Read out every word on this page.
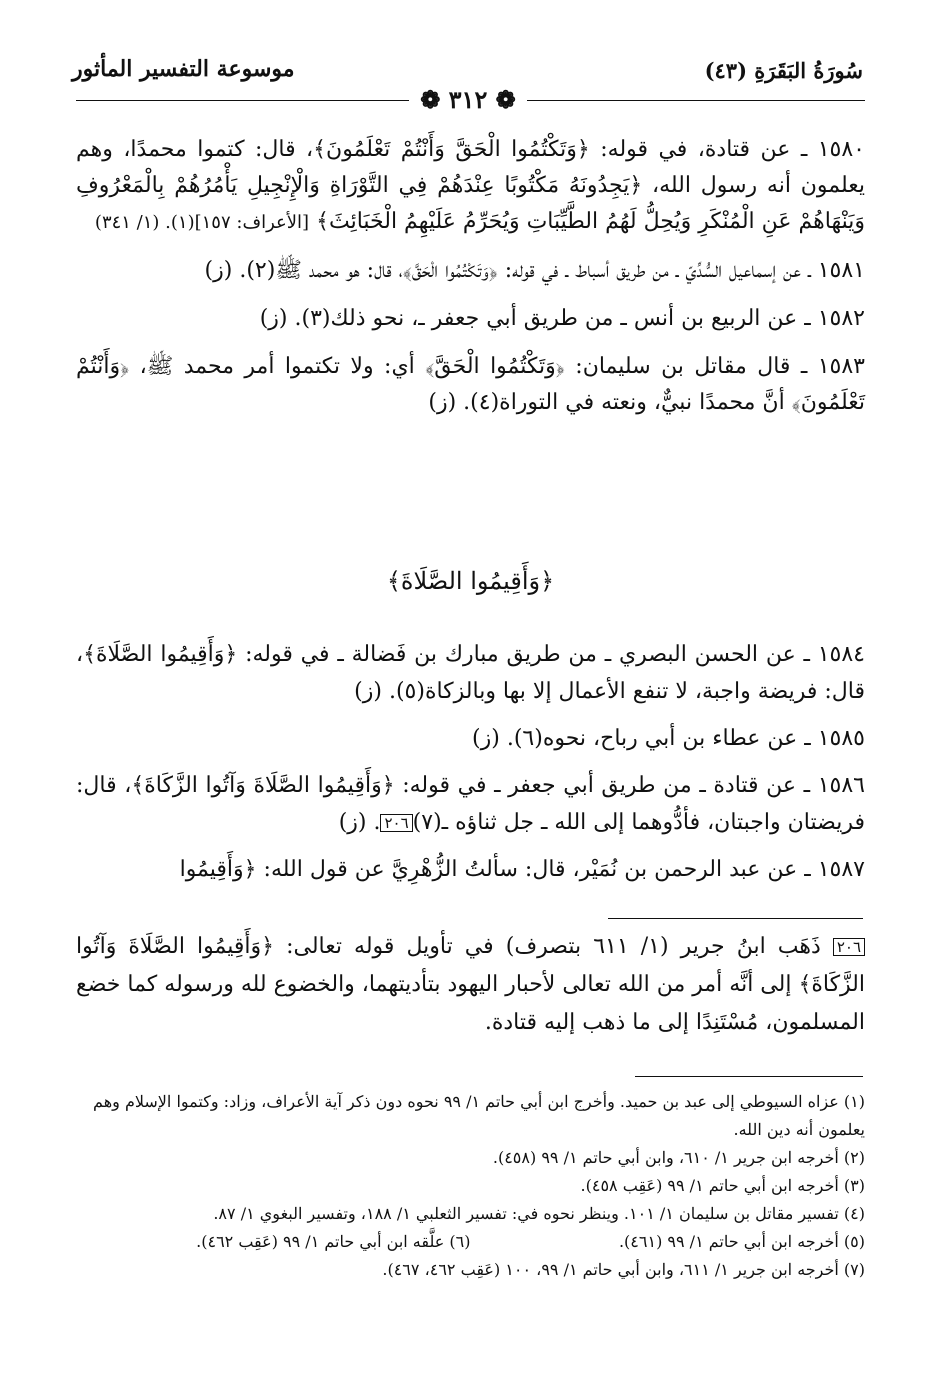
سُورَةُ البَقَرَةِ (٤٣)
موسوعة التفسير المأثور
❁ ٣١٢ ❁

١٥٨٠ ـ عن قتادة، في قوله: ﴿وَتَكْتُمُوا الْحَقَّ وَأَنْتُمْ تَعْلَمُونَ﴾، قال: كتموا محمدًا، وهم يعلمون أنه رسول الله، ﴿يَجِدُونَهُ مَكْتُوبًا عِنْدَهُمْ فِي التَّوْرَاةِ وَالْإِنْجِيلِ يَأْمُرُهُمْ بِالْمَعْرُوفِ وَيَنْهَاهُمْ عَنِ الْمُنْكَرِ وَيُحِلُّ لَهُمُ الطَّيِّبَاتِ وَيُحَرِّمُ عَلَيْهِمُ الْخَبَائِثَ﴾ [الأعراف: ١٥٧](١). (١/ ٣٤١)

١٥٨١ ـ عن إسماعيل السُّدِّيّ ـ من طريق أسباط ـ في قوله: ﴿وَتَكْتُمُوا الْحَقَّ﴾، قال: هو محمد ﷺ(٢). (ز)

١٥٨٢ ـ عن الربيع بن أنس ـ من طريق أبي جعفر ـ، نحو ذلك(٣). (ز)

١٥٨٣ ـ قال مقاتل بن سليمان: ﴿وَتَكْتُمُوا الْحَقَّ﴾ أي: ولا تكتموا أمر محمد ﷺ، ﴿وَأَنْتُمْ تَعْلَمُونَ﴾ أنَّ محمدًا نبيٌّ، ونعته في التوراة(٤). (ز)

﴿وَأَقِيمُوا الصَّلَاةَ﴾

١٥٨٤ ـ عن الحسن البصري ـ من طريق مبارك بن فَضالة ـ في قوله: ﴿وَأَقِيمُوا الصَّلَاةَ﴾، قال: فريضة واجبة، لا تنفع الأعمال إلا بها وبالزكاة(٥). (ز)

١٥٨٥ ـ عن عطاء بن أبي رباح، نحوه(٦). (ز)

١٥٨٦ ـ عن قتادة ـ من طريق أبي جعفر ـ في قوله: ﴿وَأَقِيمُوا الصَّلَاةَ وَآتُوا الزَّكَاةَ﴾، قال: فريضتان واجبتان، فأدُّوهما إلى الله ـ جل ثناؤه ـ(٧)٢٠٦. (ز)

١٥٨٧ ـ عن عبد الرحمن بن نُمَيْر، قال: سألتُ الزُّهْرِيَّ عن قول الله: ﴿وَأَقِيمُوا

٢٠٦ ذَهَب ابنُ جرير (١/ ٦١١ بتصرف) في تأويل قوله تعالى: ﴿وَأَقِيمُوا الصَّلَاةَ وَآتُوا الزَّكَاةَ﴾ إلى أنَّه أمر من الله تعالى لأحبار اليهود بتأديتهما، والخضوع لله ورسوله كما خضع المسلمون، مُسْتَنِدًا إلى ما ذهب إليه قتادة.

(١) عزاه السيوطي إلى عبد بن حميد. وأخرج ابن أبي حاتم ١/ ٩٩ نحوه دون ذكر آية الأعراف، وزاد: وكتموا الإسلام وهم يعلمون أنه دين الله.

(٢) أخرجه ابن جرير ١/ ٦١٠، وابن أبي حاتم ١/ ٩٩ (٤٥٨).

(٣) أخرجه ابن أبي حاتم ١/ ٩٩ (عَقِب ٤٥٨).

(٤) تفسير مقاتل بن سليمان ١/ ١٠١. وينظر نحوه في: تفسير الثعلبي ١/ ١٨٨، وتفسير البغوي ١/ ٨٧.

(٥) أخرجه ابن أبي حاتم ١/ ٩٩ (٤٦١).
(٦) علَّقه ابن أبي حاتم ١/ ٩٩ (عَقِب ٤٦٢).

(٧) أخرجه ابن جرير ١/ ٦١١، وابن أبي حاتم ١/ ٩٩، ١٠٠ (عَقِب ٤٦٢، ٤٦٧).
